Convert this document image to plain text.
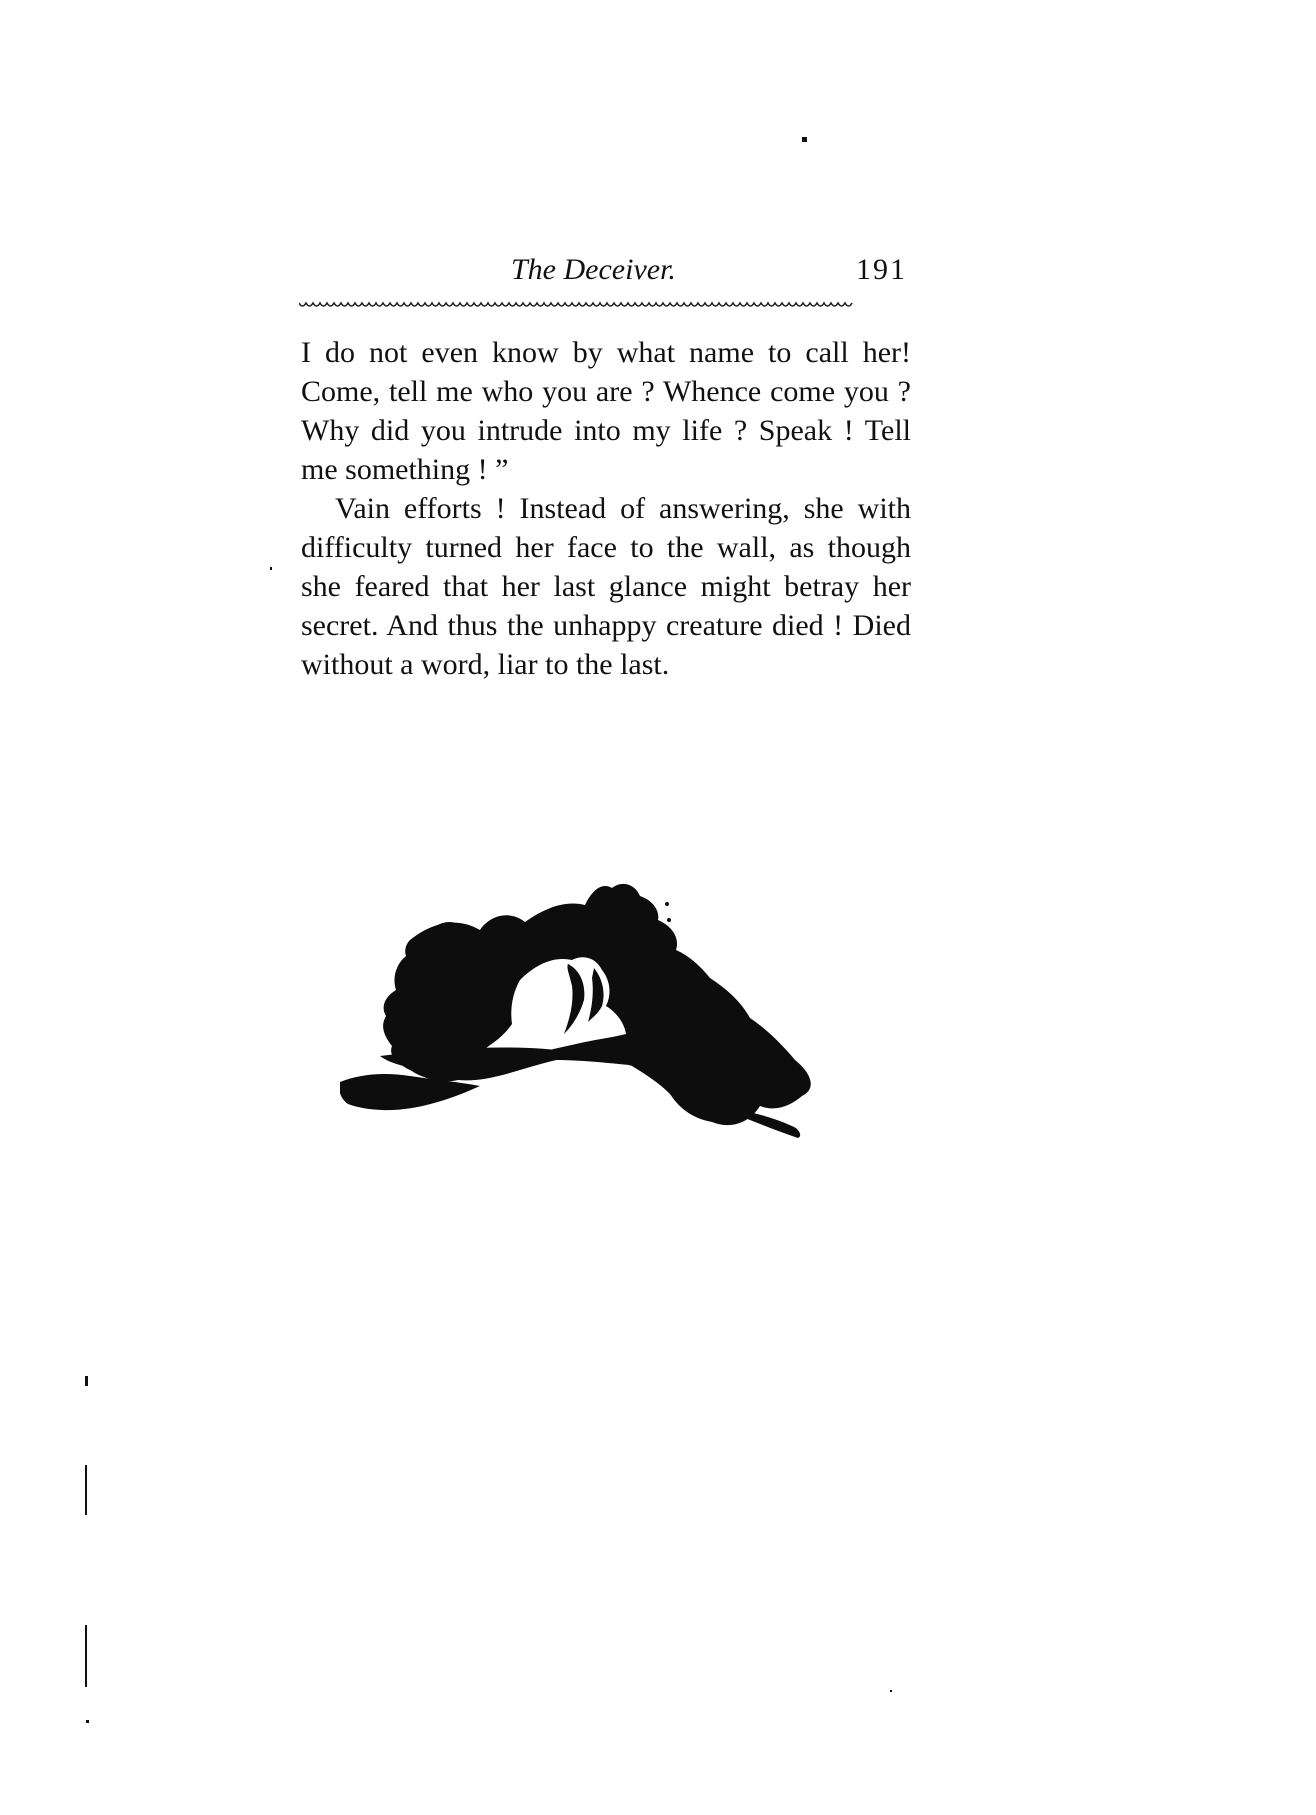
The Deceiver.	191

I do not even know by what name to call her! Come, tell me who you are ? Whence come you ? Why did you intrude into my life ? Speak ! Tell me something ! ”

Vain efforts ! Instead of answering, she with difficulty turned her face to the wall, as though she feared that her last glance might betray her secret. And thus the unhappy creature died ! Died without a word, liar to the last.
